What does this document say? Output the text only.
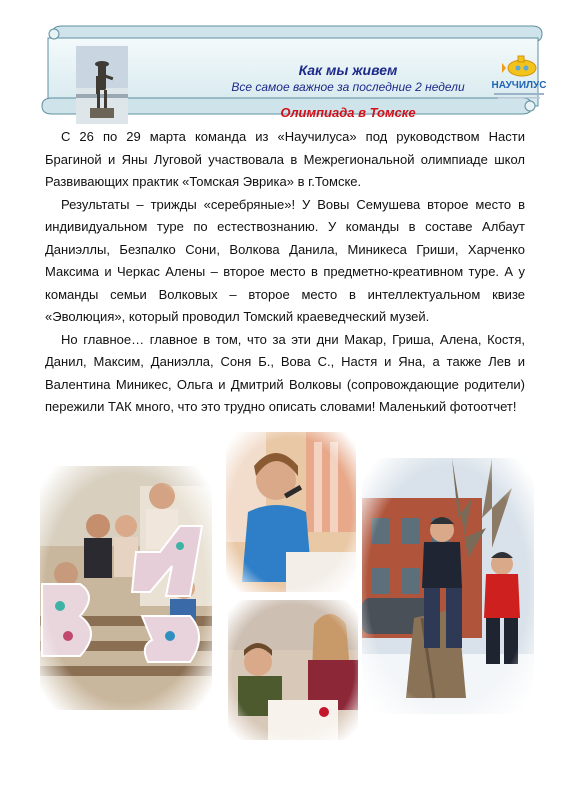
Как мы живем
Все самое важное за последние 2 недели
Олимпиада в Томске
НАУЧИЛУС

С 26 по 29 марта команда из «Научилуса» под руководством Насти Брагиной и Яны Луговой участвовала в Межрегиональной олимпиаде школ Развивающих практик «Томская Эврика» в г.Томске.

Результаты – трижды «серебряные»! У Вовы Семушева второе место в индивидуальном туре по естествознанию. У команды в составе Албаут Даниэллы, Безпалко Сони, Волкова Данила, Миникеса Гриши, Харченко Максима и Черкас Алены – второе место в предметно-креативном туре. А у команды семьи Волковых – второе место в интеллектуальном квизе «Эволюция», который проводил Томский краеведческий музей.

Но главное… главное в том, что за эти дни Макар, Гриша, Алена, Костя, Данил, Максим, Даниэлла, Соня Б., Вова С., Настя и Яна, а также Лев и Валентина Миникес, Ольга и Дмитрий Волковы (сопровождающие родители) пережили ТАК много, что это трудно описать словами! Маленький фотоотчет!
